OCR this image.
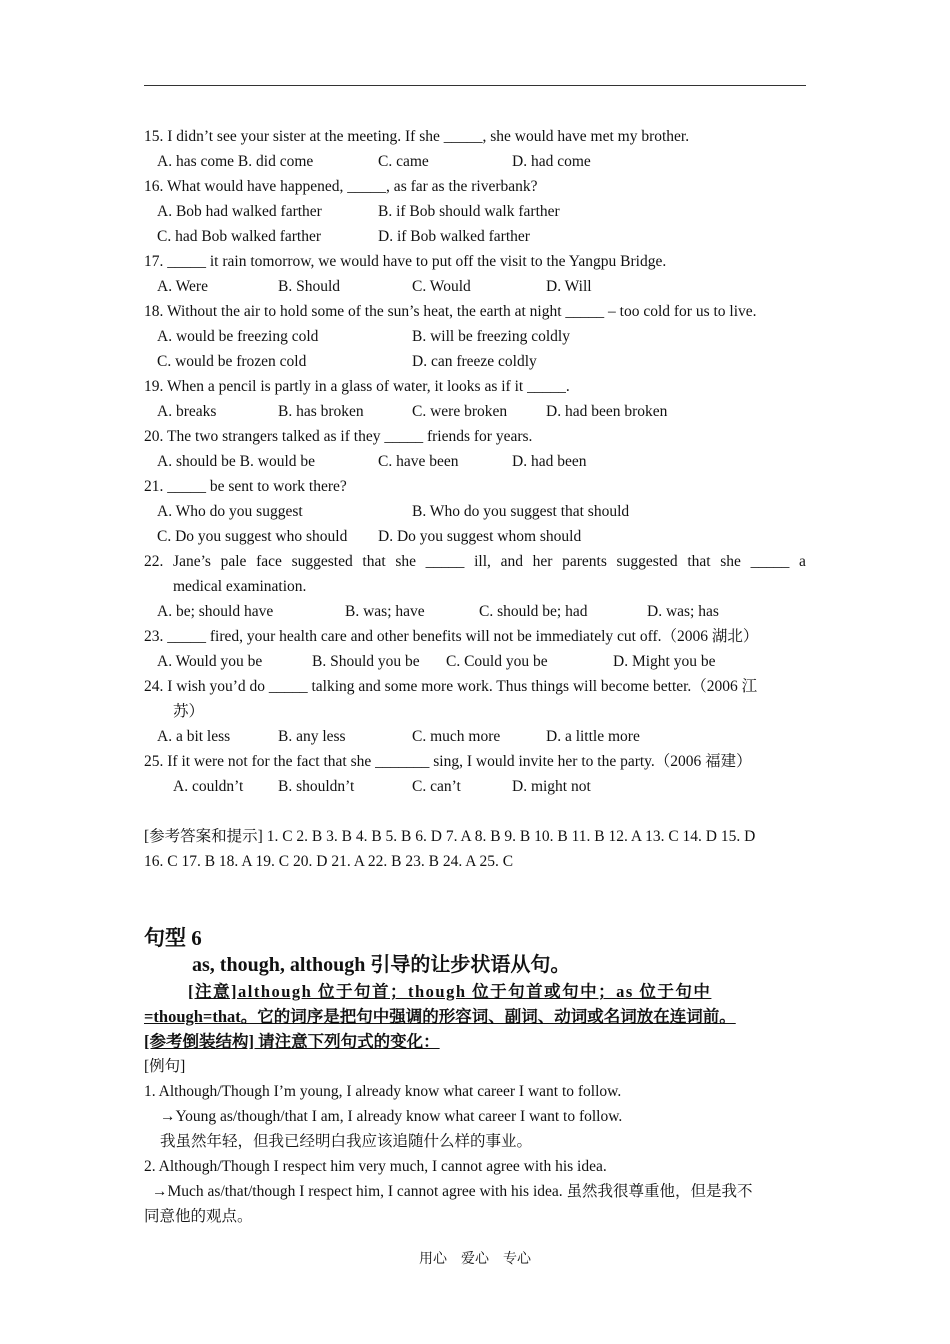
15. I didn’t see your sister at the meeting. If she _____, she would have met my brother.
A. has come B. did come	C. came	D. had come
16. What would have happened, _____, as far as the riverbank?
A. Bob had walked farther	B. if Bob should walk farther
C. had Bob walked farther	D. if Bob walked farther
17. _____ it rain tomorrow, we would have to put off the visit to the Yangpu Bridge.
A. Were	B. Should	C. Would	D. Will
18. Without the air to hold some of the sun’s heat, the earth at night _____ – too cold for us to live.
A. would be freezing cold	B. will be freezing coldly
C. would be frozen cold	D. can freeze coldly
19. When a pencil is partly in a glass of water, it looks as if it _____.
A. breaks	B. has broken	C. were broken	D. had been broken
20. The two strangers talked as if they _____ friends for years.
A. should be B. would be	C. have been	D. had been
21. _____ be sent to work there?
A. Who do you suggest	B. Who do you suggest that should
C. Do you suggest who should D. Do you suggest whom should
22. Jane’s pale face suggested that she _____ ill, and her parents suggested that she _____ a
medical examination.
A. be; should have	B. was; have	C. should be; had	D. was; has
23. _____ fired, your health care and other benefits will not be immediately cut off.（2006 湖北）
A. Would you be	B. Should you be C. Could you be	D. Might you be
24. I wish you’d do _____ talking and some more work. Thus things will become better.（2006 江
苏）
A. a bit less	B. any less	C. much more	D. a little more
25. If it were not for the fact that she _______ sing, I would invite her to the party.（2006 福建）
A. couldn’t B. shouldn’t	C. can’t	D. might not
[参考答案和提示] 1. C 2. B 3. B 4. B 5. B 6. D 7. A 8. B 9. B 10. B 11. B 12. A 13. C 14. D 15. D
16. C 17. B 18. A 19. C 20. D 21. A 22. B 23. B 24. A 25. C
句型 6
as, though, although 引导的让步状语从句。
[注意]although 位于句首；though 位于句首或句中；as 位于句中
=though=that。它的词序是把句中强调的形容词、副词、动词或名词放在连词前。
[参考倒装结构] 请注意下列句式的变化：
[例句]
1. Although/Though I’m young, I already know what career I want to follow.
→Young as/though/that I am, I already know what career I want to follow.
我虽然年轻，但我已经明白我应该追随什么样的事业。
2. Although/Though I respect him very much, I cannot agree with his idea.
→Much as/that/though I respect him, I cannot agree with his idea. 虽然我很尊重他，但是我不
同意他的观点。
用心　爱心　专心
